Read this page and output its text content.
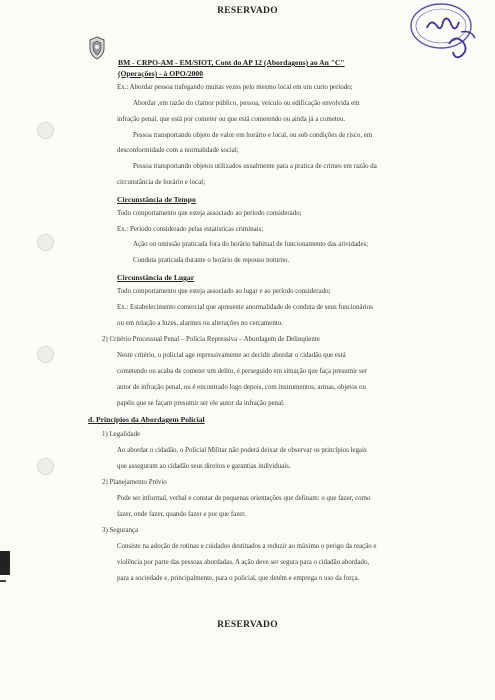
RESERVADO
BM - CRPO-AM - EM/SIOT, Cont do AP 12 (Abordagens) ao An "C"
(Operações) - à OPO/2000
Ex.: Abordar pessoa trafegando muitas vezes pelo mesmo local em um curto período;
Abordar ,em razão do clamor público, pessoa, veículo ou edificação envolvida em
infração penal, que está por cometer ou que está cometendo ou ainda já a cometeu.
Pessoa transportando objeto de valor em horário e local, ou sob condições de risco, em
desconformidade com a normalidade social;
Pessoa transportando objetos utilizados usualmente para a pratica de crimes em razão da
circunstância de horário e local;
Circunstância de Tempo
Todo comportamento que esteja associado ao período considerado;
Ex.: Período considerado pelas estatísticas criminais;
Ação ou omissão praticada fora do horário habitual de funcionamento das atividades;
Conduta praticada durante o horário de repouso noturno.
Circunstância de Lugar
Todo comportamento que esteja associado ao lugar e ao período considerado;
Ex.: Estabelecimento comercial que apresente anormalidade de conduta de seus funcionários
ou em relação a luzes, alarmes ou alterações no cercamento.
2) Critério Processual Penal – Polícia Repressiva – Abordagem de Delinqüente
Neste critério, o policial age repressivamente ao decidir abordar o cidadão que está
cometendo ou acaba de cometer um delito, é perseguido em situação que faça presumir ser
autor de infração penal, ou é encontrado logo depois, com instrumentos, armas, objetos ou
papéis que se façam presumir ser ele autor da infração penal.
d. Princípios da Abordagem Policial
1) Legalidade
Ao abordar o cidadão, o Policial Militar não poderá deixar de observar os princípios legais
que asseguram ao cidadão seus direitos e garantias individuais.
2) Planejamento Prévio
Pode ser informal, verbal e constar de pequenas orientações que definam: o que fazer, como
fazer, onde fazer, quando fazer e por que fazer.
3) Segurança
Consiste na adoção de rotinas e cuidados destinados a reduzir ao máximo o perigo da reação e
violência por parte das pessoas abordadas. A ação deve ser segura para o cidadão abordado,
para a sociedade e, principalmente, para o policial, que detém e emprega o uso da força.
RESERVADO
